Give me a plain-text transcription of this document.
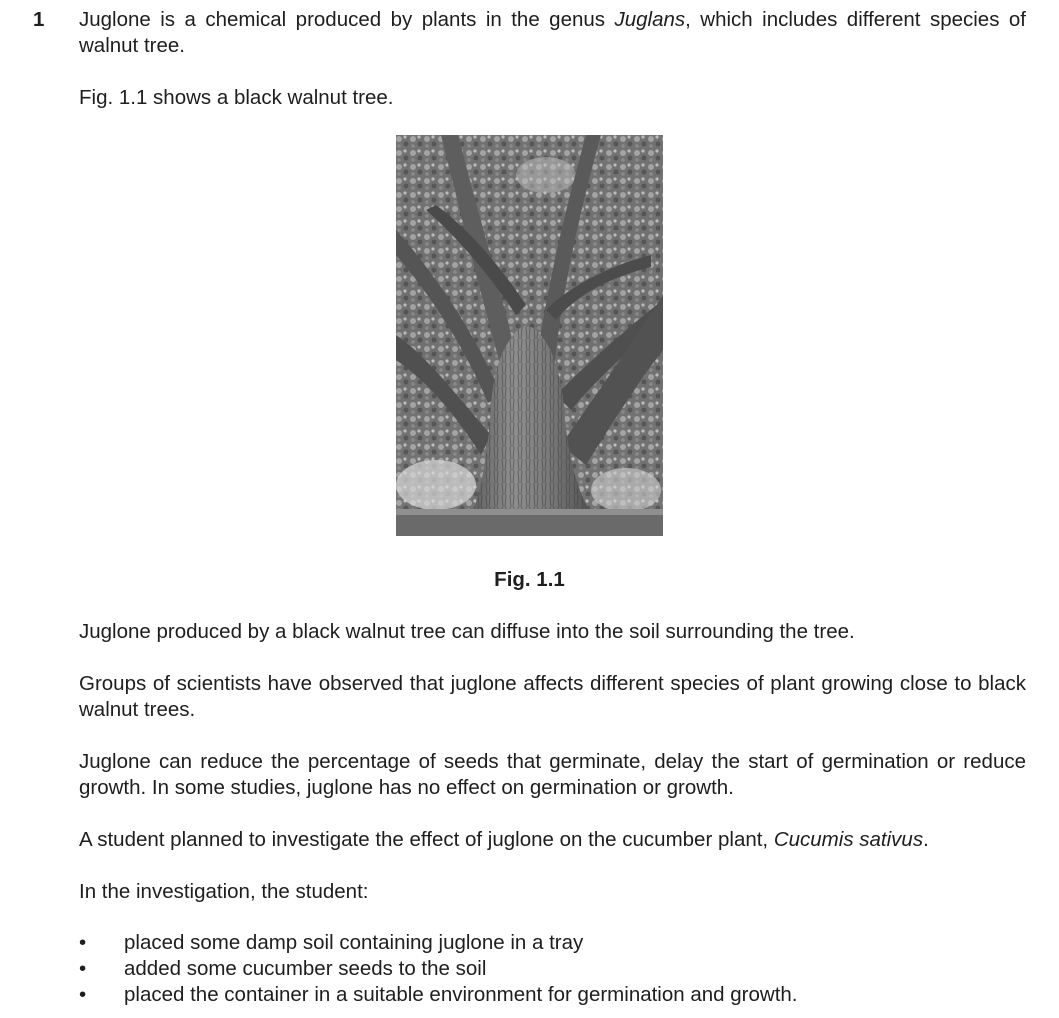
1 Juglone is a chemical produced by plants in the genus Juglans, which includes different species of walnut tree.

Fig. 1.1 shows a black walnut tree.

Fig. 1.1

Juglone produced by a black walnut tree can diffuse into the soil surrounding the tree.

Groups of scientists have observed that juglone affects different species of plant growing close to black walnut trees.

Juglone can reduce the percentage of seeds that germinate, delay the start of germination or reduce growth. In some studies, juglone has no effect on germination or growth.

A student planned to investigate the effect of juglone on the cucumber plant, Cucumis sativus.

In the investigation, the student:

• placed some damp soil containing juglone in a tray
• added some cucumber seeds to the soil
• placed the container in a suitable environment for germination and growth.
